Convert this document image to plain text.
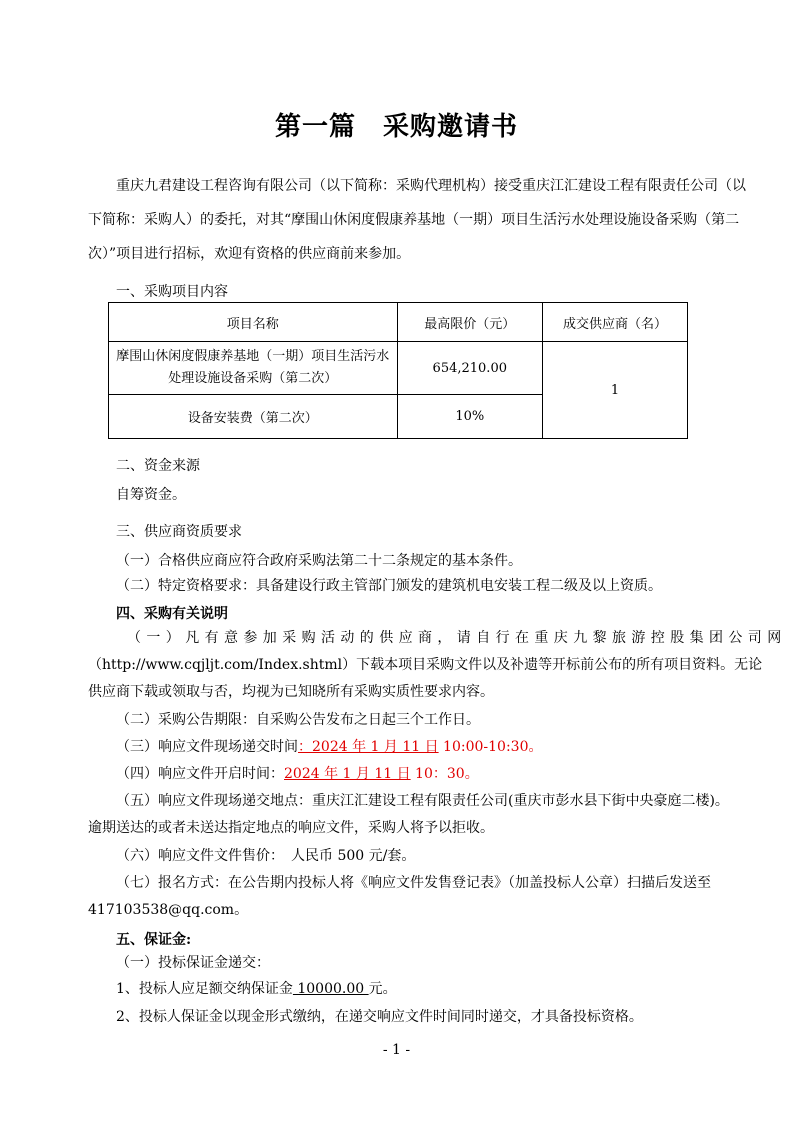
第一篇　采购邀请书
重庆九君建设工程咨询有限公司（以下简称：采购代理机构）接受重庆江汇建设工程有限责任公司（以
下简称：采购人）的委托，对其“摩围山休闲度假康养基地（一期）项目生活污水处理设施设备采购（第二
次）”项目进行招标，欢迎有资格的供应商前来参加。
一、采购项目内容
项目名称	最高限价（元）	成交供应商（名）

摩围山休闲度假康养基地（一期）项目生活污水
处理设施设备采购（第二次）	654,210.00	1
设备安装费（第二次）	10%	
二、资金来源
自筹资金。
三、供应商资质要求
（一）合格供应商应符合政府采购法第二十二条规定的基本条件。
（二）特定资格要求：具备建设行政主管部门颁发的建筑机电安装工程二级及以上资质。
四、采购有关说明
（一）凡有意参加采购活动的供应商，请自行在重庆九黎旅游控股集团公司网
（http://www.cqjljt.com/Index.shtml）下载本项目采购文件以及补遗等开标前公布的所有项目资料。无论
供应商下载或领取与否，均视为已知晓所有采购实质性要求内容。
（二）采购公告期限：自采购公告发布之日起三个工作日。
（三）响应文件现场递交时间：2024 年 1 月 11 日 10:00-10:30。
（四）响应文件开启时间：2024 年 1 月 11 日 10：30。
（五）响应文件现场递交地点：重庆江汇建设工程有限责任公司(重庆市彭水县下街中央豪庭二楼)。
逾期送达的或者未送达指定地点的响应文件，采购人将予以拒收。
（六）响应文件文件售价：　人民币 500 元/套。
（七）报名方式：在公告期内投标人将《响应文件发售登记表》（加盖投标人公章）扫描后发送至
417103538@qq.com。
五、保证金:
（一）投标保证金递交：
1、投标人应足额交纳保证金 10000.00 元。
2、投标人保证金以现金形式缴纳，在递交响应文件时间同时递交，才具备投标资格。
- 1 -
